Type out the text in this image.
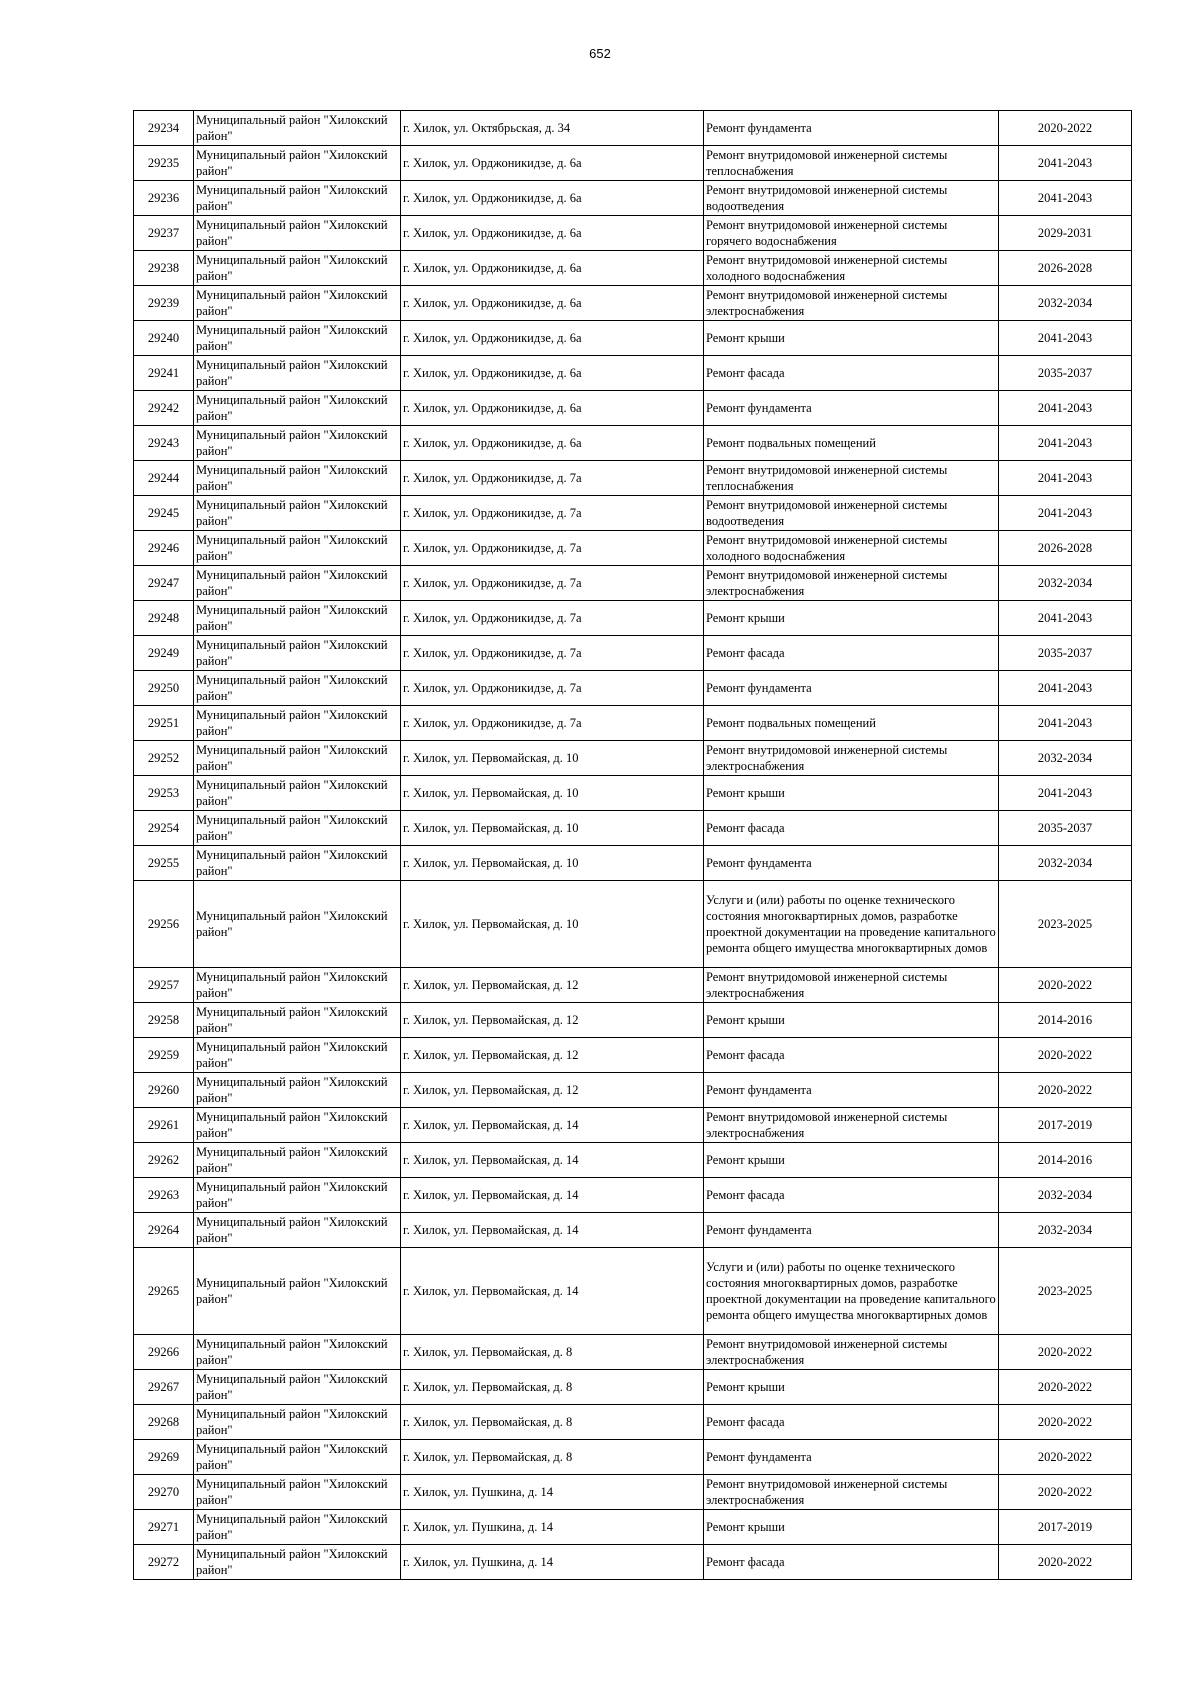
652
29234	Муниципальный район "Хилокский район"	г. Хилок, ул. Октябрьская, д. 34	Ремонт фундамента	2020-2022
29235	Муниципальный район "Хилокский район"	г. Хилок, ул. Орджоникидзе, д. 6а	Ремонт внутридомовой инженерной системы теплоснабжения	2041-2043
29236	Муниципальный район "Хилокский район"	г. Хилок, ул. Орджоникидзе, д. 6а	Ремонт внутридомовой инженерной системы водоотведения	2041-2043
29237	Муниципальный район "Хилокский район"	г. Хилок, ул. Орджоникидзе, д. 6а	Ремонт внутридомовой инженерной системы горячего водоснабжения	2029-2031
29238	Муниципальный район "Хилокский район"	г. Хилок, ул. Орджоникидзе, д. 6а	Ремонт внутридомовой инженерной системы холодного водоснабжения	2026-2028
29239	Муниципальный район "Хилокский район"	г. Хилок, ул. Орджоникидзе, д. 6а	Ремонт внутридомовой инженерной системы электроснабжения	2032-2034
29240	Муниципальный район "Хилокский район"	г. Хилок, ул. Орджоникидзе, д. 6а	Ремонт крыши	2041-2043
29241	Муниципальный район "Хилокский район"	г. Хилок, ул. Орджоникидзе, д. 6а	Ремонт фасада	2035-2037
29242	Муниципальный район "Хилокский район"	г. Хилок, ул. Орджоникидзе, д. 6а	Ремонт фундамента	2041-2043
29243	Муниципальный район "Хилокский район"	г. Хилок, ул. Орджоникидзе, д. 6а	Ремонт подвальных помещений	2041-2043
29244	Муниципальный район "Хилокский район"	г. Хилок, ул. Орджоникидзе, д. 7а	Ремонт внутридомовой инженерной системы теплоснабжения	2041-2043
29245	Муниципальный район "Хилокский район"	г. Хилок, ул. Орджоникидзе, д. 7а	Ремонт внутридомовой инженерной системы водоотведения	2041-2043
29246	Муниципальный район "Хилокский район"	г. Хилок, ул. Орджоникидзе, д. 7а	Ремонт внутридомовой инженерной системы холодного водоснабжения	2026-2028
29247	Муниципальный район "Хилокский район"	г. Хилок, ул. Орджоникидзе, д. 7а	Ремонт внутридомовой инженерной системы электроснабжения	2032-2034
29248	Муниципальный район "Хилокский район"	г. Хилок, ул. Орджоникидзе, д. 7а	Ремонт крыши	2041-2043
29249	Муниципальный район "Хилокский район"	г. Хилок, ул. Орджоникидзе, д. 7а	Ремонт фасада	2035-2037
29250	Муниципальный район "Хилокский район"	г. Хилок, ул. Орджоникидзе, д. 7а	Ремонт фундамента	2041-2043
29251	Муниципальный район "Хилокский район"	г. Хилок, ул. Орджоникидзе, д. 7а	Ремонт подвальных помещений	2041-2043
29252	Муниципальный район "Хилокский район"	г. Хилок, ул. Первомайская, д. 10	Ремонт внутридомовой инженерной системы электроснабжения	2032-2034
29253	Муниципальный район "Хилокский район"	г. Хилок, ул. Первомайская, д. 10	Ремонт крыши	2041-2043
29254	Муниципальный район "Хилокский район"	г. Хилок, ул. Первомайская, д. 10	Ремонт фасада	2035-2037
29255	Муниципальный район "Хилокский район"	г. Хилок, ул. Первомайская, д. 10	Ремонт фундамента	2032-2034
29256	Муниципальный район "Хилокский район"	г. Хилок, ул. Первомайская, д. 10	Услуги и (или) работы по оценке технического состояния многоквартирных домов, разработке проектной документации на проведение капитального ремонта общего имущества многоквартирных домов	2023-2025
29257	Муниципальный район "Хилокский район"	г. Хилок, ул. Первомайская, д. 12	Ремонт внутридомовой инженерной системы электроснабжения	2020-2022
29258	Муниципальный район "Хилокский район"	г. Хилок, ул. Первомайская, д. 12	Ремонт крыши	2014-2016
29259	Муниципальный район "Хилокский район"	г. Хилок, ул. Первомайская, д. 12	Ремонт фасада	2020-2022
29260	Муниципальный район "Хилокский район"	г. Хилок, ул. Первомайская, д. 12	Ремонт фундамента	2020-2022
29261	Муниципальный район "Хилокский район"	г. Хилок, ул. Первомайская, д. 14	Ремонт внутридомовой инженерной системы электроснабжения	2017-2019
29262	Муниципальный район "Хилокский район"	г. Хилок, ул. Первомайская, д. 14	Ремонт крыши	2014-2016
29263	Муниципальный район "Хилокский район"	г. Хилок, ул. Первомайская, д. 14	Ремонт фасада	2032-2034
29264	Муниципальный район "Хилокский район"	г. Хилок, ул. Первомайская, д. 14	Ремонт фундамента	2032-2034
29265	Муниципальный район "Хилокский район"	г. Хилок, ул. Первомайская, д. 14	Услуги и (или) работы по оценке технического состояния многоквартирных домов, разработке проектной документации на проведение капитального ремонта общего имущества многоквартирных домов	2023-2025
29266	Муниципальный район "Хилокский район"	г. Хилок, ул. Первомайская, д. 8	Ремонт внутридомовой инженерной системы электроснабжения	2020-2022
29267	Муниципальный район "Хилокский район"	г. Хилок, ул. Первомайская, д. 8	Ремонт крыши	2020-2022
29268	Муниципальный район "Хилокский район"	г. Хилок, ул. Первомайская, д. 8	Ремонт фасада	2020-2022
29269	Муниципальный район "Хилокский район"	г. Хилок, ул. Первомайская, д. 8	Ремонт фундамента	2020-2022
29270	Муниципальный район "Хилокский район"	г. Хилок, ул. Пушкина, д. 14	Ремонт внутридомовой инженерной системы электроснабжения	2020-2022
29271	Муниципальный район "Хилокский район"	г. Хилок, ул. Пушкина, д. 14	Ремонт крыши	2017-2019
29272	Муниципальный район "Хилокский район"	г. Хилок, ул. Пушкина, д. 14	Ремонт фасада	2020-2022
